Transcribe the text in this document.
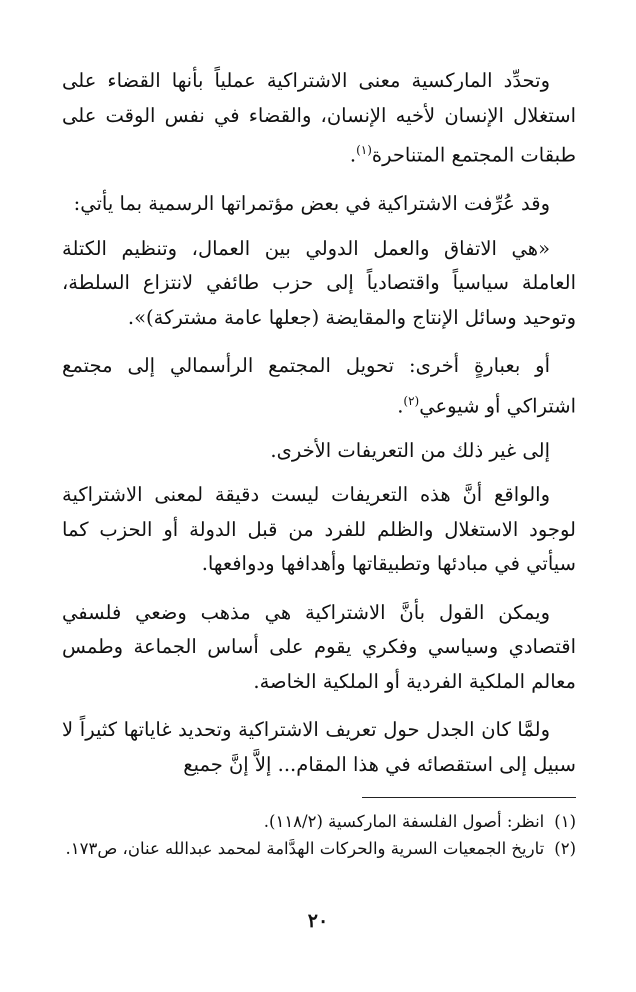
وتحدِّد الماركسية معنى الاشتراكية عملياً بأنها القضاء على استغلال الإنسان لأخيه الإنسان، والقضاء في نفس الوقت على طبقات المجتمع المتناحرة$^{(١)}$.

وقد عُرِّفت الاشتراكية في بعض مؤتمراتها الرسمية بما يأتي:

«هي الاتفاق والعمل الدولي بين العمال، وتنظيم الكتلة العاملة سياسياً واقتصادياً إلى حزب طائفي لانتزاع السلطة، وتوحيد وسائل الإنتاج والمقايضة (جعلها عامة مشتركة)».

أو بعبارةٍ أخرى: تحويل المجتمع الرأسمالي إلى مجتمع اشتراكي أو شيوعي$^{(٢)}$.

إلى غير ذلك من التعريفات الأخرى.

والواقع أنَّ هذه التعريفات ليست دقيقة لمعنى الاشتراكية لوجود الاستغلال والظلم للفرد من قبل الدولة أو الحزب كما سيأتي في مبادئها وتطبيقاتها وأهدافها ودوافعها.

ويمكن القول بأنَّ الاشتراكية هي مذهب وضعي فلسفي اقتصادي وسياسي وفكري يقوم على أساس الجماعة وطمس معالم الملكية الفردية أو الملكية الخاصة.

ولمَّا كان الجدل حول تعريف الاشتراكية وتحديد غاياتها كثيراً لا سبيل إلى استقصائه في هذا المقام... إلاَّ إنَّ جميع

(١)
انظر: أصول الفلسفة الماركسية (١١٨/٢).
(٢)
تاريخ الجمعيات السرية والحركات الهدَّامة لمحمد عبدالله عنان، ص١٧٣.
٢٠
